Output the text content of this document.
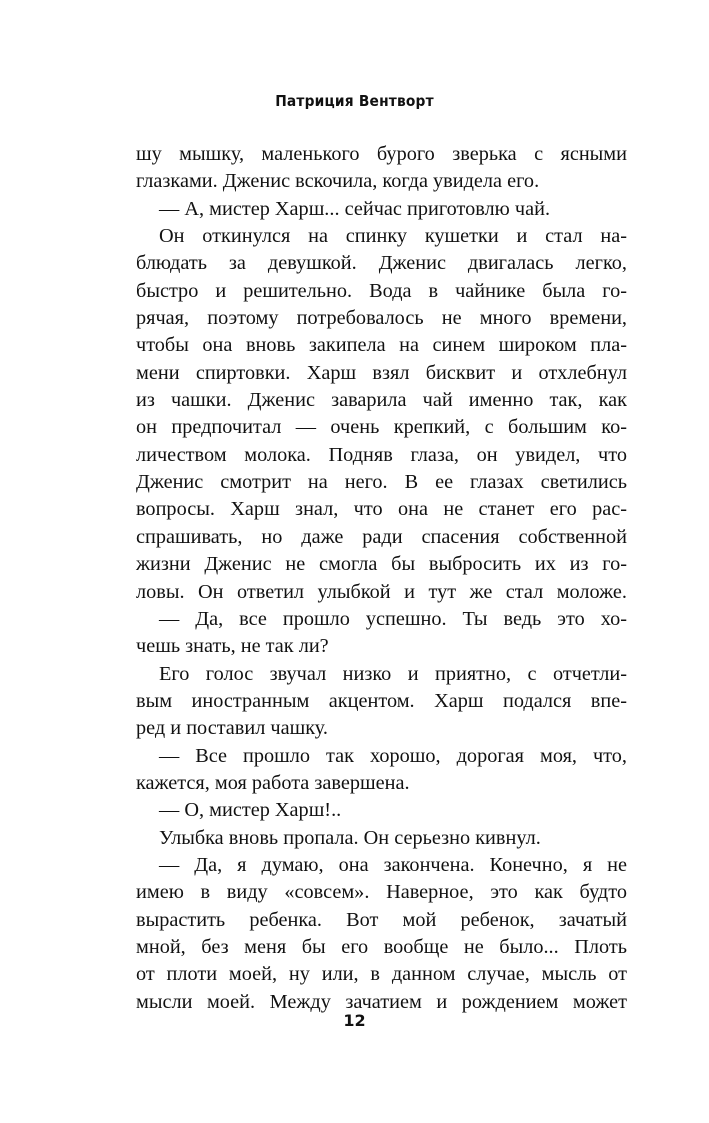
Патриция Вентворт
шу мышку, маленького бурого зверька с ясными
глазками. Дженис вскочила, когда увидела его.
— А, мистер Харш... сейчас приготовлю чай.
Он откинулся на спинку кушетки и стал на-
блюдать за девушкой. Дженис двигалась легко,
быстро и решительно. Вода в чайнике была го-
рячая, поэтому потребовалось не много времени,
чтобы она вновь закипела на синем широком пла-
мени спиртовки. Харш взял бисквит и отхлебнул
из чашки. Дженис заварила чай именно так, как
он предпочитал — очень крепкий, с большим ко-
личеством молока. Подняв глаза, он увидел, что
Дженис смотрит на него. В ее глазах светились
вопросы. Харш знал, что она не станет его рас-
спрашивать, но даже ради спасения собственной
жизни Дженис не смогла бы выбросить их из го-
ловы. Он ответил улыбкой и тут же стал моложе.
— Да, все прошло успешно. Ты ведь это хо-
чешь знать, не так ли?
Его голос звучал низко и приятно, с отчетли-
вым иностранным акцентом. Харш подался впе-
ред и поставил чашку.
— Все прошло так хорошо, дорогая моя, что,
кажется, моя работа завершена.
— О, мистер Харш!..
Улыбка вновь пропала. Он серьезно кивнул.
— Да, я думаю, она закончена. Конечно, я не
имею в виду «совсем». Наверное, это как будто
вырастить ребенка. Вот мой ребенок, зачатый
мной, без меня бы его вообще не было... Плоть
от плоти моей, ну или, в данном случае, мысль от
мысли моей. Между зачатием и рождением может
12
